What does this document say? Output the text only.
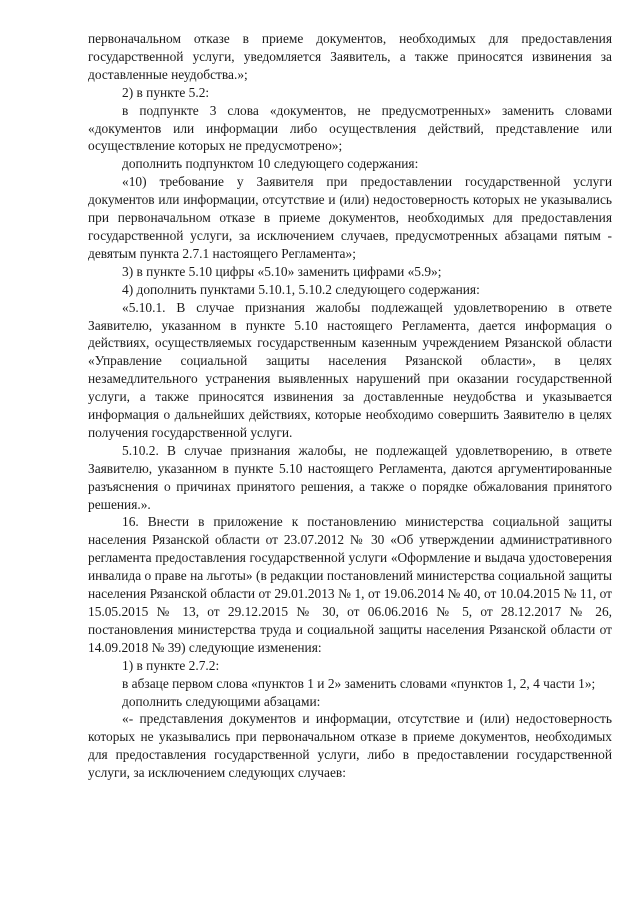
первоначальном отказе в приеме документов, необходимых для предоставления государственной услуги, уведомляется Заявитель, а также приносятся извинения за доставленные неудобства.»;

2) в пункте 5.2:

в подпункте 3 слова «документов, не предусмотренных» заменить словами «документов или информации либо осуществления действий, представление или осуществление которых не предусмотрено»;

дополнить подпунктом 10 следующего содержания:

«10) требование у Заявителя при предоставлении государственной услуги документов или информации, отсутствие и (или) недостоверность которых не указывались при первоначальном отказе в приеме документов, необходимых для предоставления государственной услуги, за исключением случаев, предусмотренных абзацами пятым - девятым пункта 2.7.1 настоящего Регламента»;

3) в пункте 5.10 цифры «5.10» заменить цифрами «5.9»;

4) дополнить пунктами 5.10.1, 5.10.2 следующего содержания:

«5.10.1. В случае признания жалобы подлежащей удовлетворению в ответе Заявителю, указанном в пункте 5.10 настоящего Регламента, дается информация о действиях, осуществляемых государственным казенным учреждением Рязанской области «Управление социальной защиты населения Рязанской области», в целях незамедлительного устранения выявленных нарушений при оказании государственной услуги, а также приносятся извинения за доставленные неудобства и указывается информация о дальнейших действиях, которые необходимо совершить Заявителю в целях получения государственной услуги.

5.10.2. В случае признания жалобы, не подлежащей удовлетворению, в ответе Заявителю, указанном в пункте 5.10 настоящего Регламента, даются аргументированные разъяснения о причинах принятого решения, а также о порядке обжалования принятого решения.».

16. Внести в приложение к постановлению министерства социальной защиты населения Рязанской области от 23.07.2012 № 30 «Об утверждении административного регламента предоставления государственной услуги «Оформление и выдача удостоверения инвалида о праве на льготы» (в редакции постановлений министерства социальной защиты населения Рязанской области от 29.01.2013 № 1, от 19.06.2014 № 40, от 10.04.2015 № 11, от 15.05.2015 № 13, от 29.12.2015 № 30, от 06.06.2016 № 5, от 28.12.2017 № 26, постановления министерства труда и социальной защиты населения Рязанской области от 14.09.2018 № 39) следующие изменения:

1) в пункте 2.7.2:

в абзаце первом слова «пунктов 1 и 2» заменить словами «пунктов 1, 2, 4 части 1»;

дополнить следующими абзацами:

«- представления документов и информации, отсутствие и (или) недостоверность которых не указывались при первоначальном отказе в приеме документов, необходимых для предоставления государственной услуги, либо в предоставлении государственной услуги, за исключением следующих случаев:
